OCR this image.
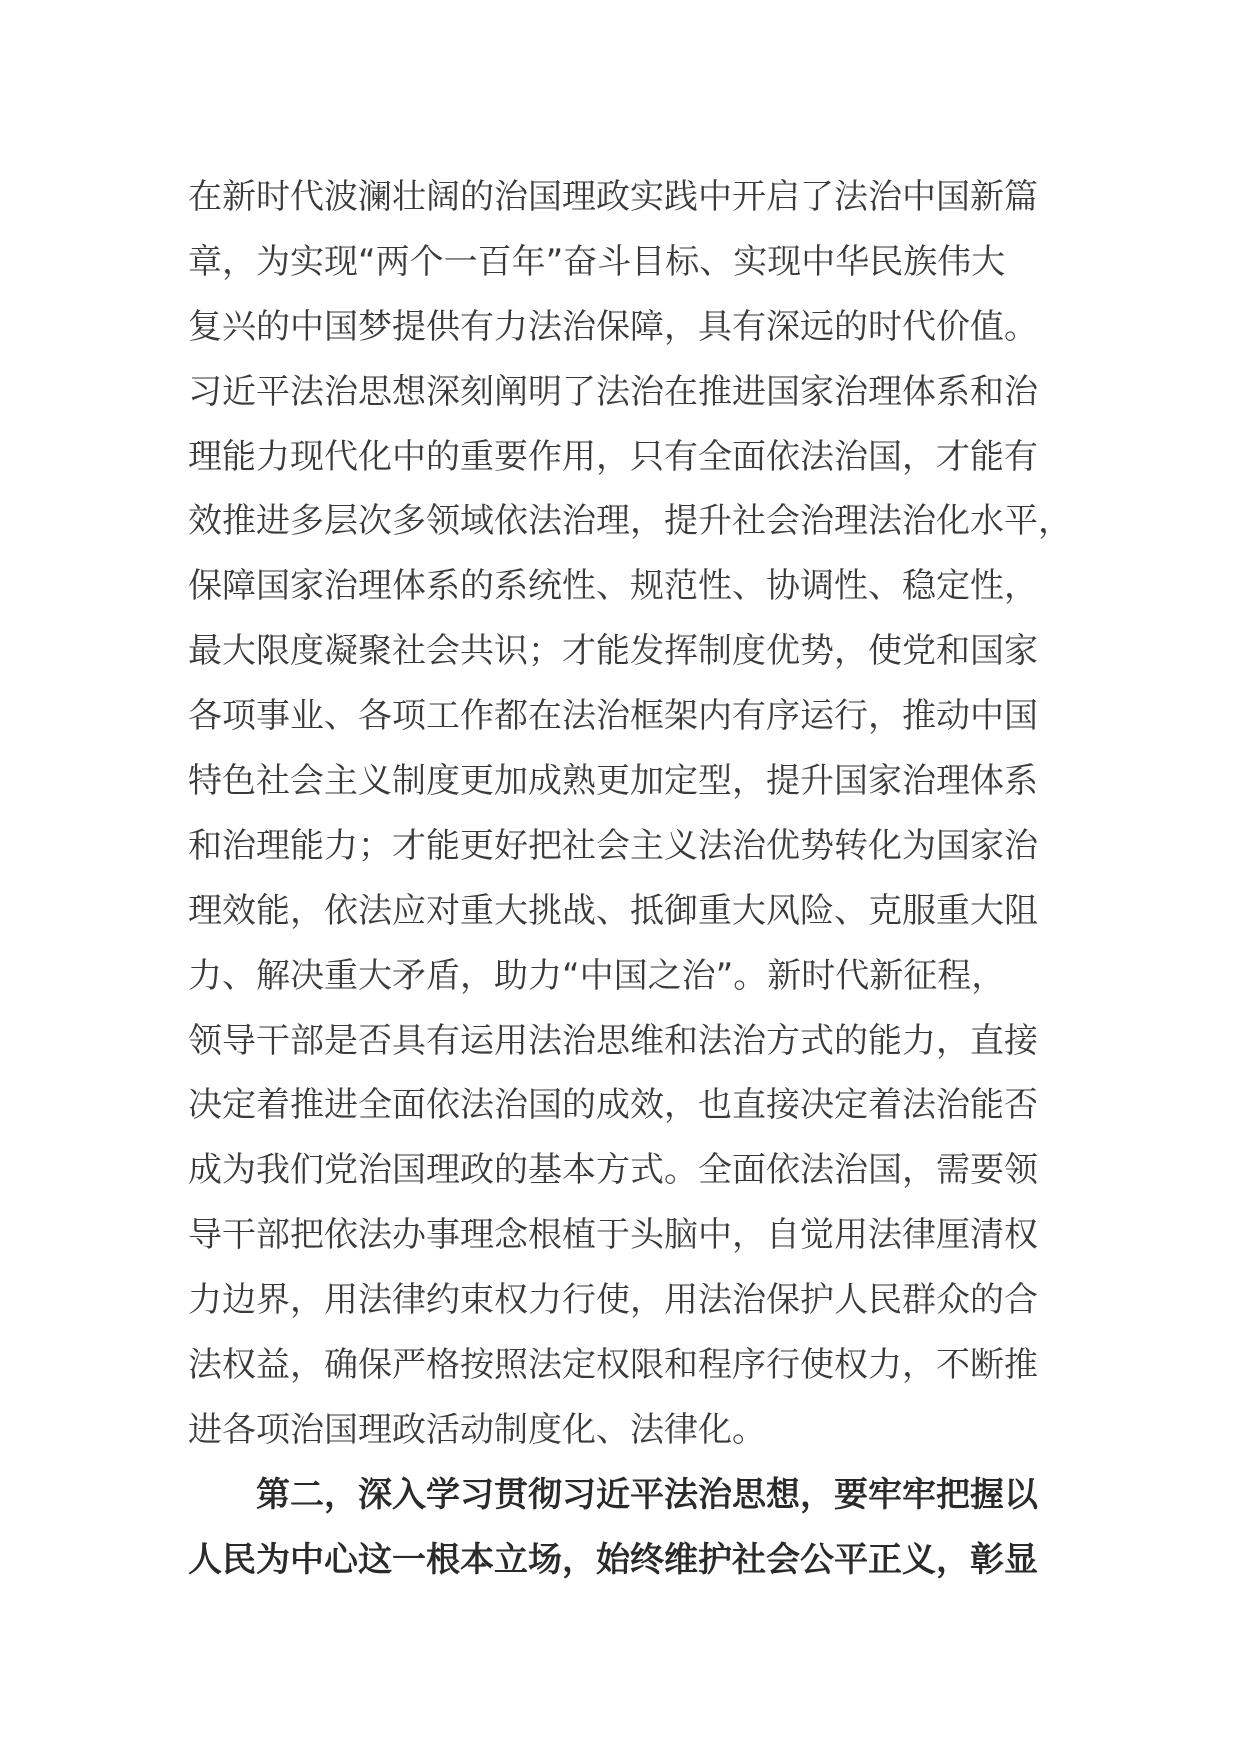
在新时代波澜壮阔的治国理政实践中开启了法治中国新篇
章，为实现“两个一百年”奋斗目标、实现中华民族伟大
复兴的中国梦提供有力法治保障，具有深远的时代价值。
习近平法治思想深刻阐明了法治在推进国家治理体系和治
理能力现代化中的重要作用，只有全面依法治国，才能有
效推进多层次多领域依法治理，提升社会治理法治化水平，
保障国家治理体系的系统性、规范性、协调性、稳定性，
最大限度凝聚社会共识；才能发挥制度优势，使党和国家
各项事业、各项工作都在法治框架内有序运行，推动中国
特色社会主义制度更加成熟更加定型，提升国家治理体系
和治理能力；才能更好把社会主义法治优势转化为国家治
理效能，依法应对重大挑战、抵御重大风险、克服重大阻
力、解决重大矛盾，助力“中国之治”。新时代新征程，
领导干部是否具有运用法治思维和法治方式的能力，直接
决定着推进全面依法治国的成效，也直接决定着法治能否
成为我们党治国理政的基本方式。全面依法治国，需要领
导干部把依法办事理念根植于头脑中，自觉用法律厘清权
力边界，用法律约束权力行使，用法治保护人民群众的合
法权益，确保严格按照法定权限和程序行使权力，不断推
进各项治国理政活动制度化、法律化。
第二，深入学习贯彻习近平法治思想，要牢牢把握以
人民为中心这一根本立场，始终维护社会公平正义，彰显
